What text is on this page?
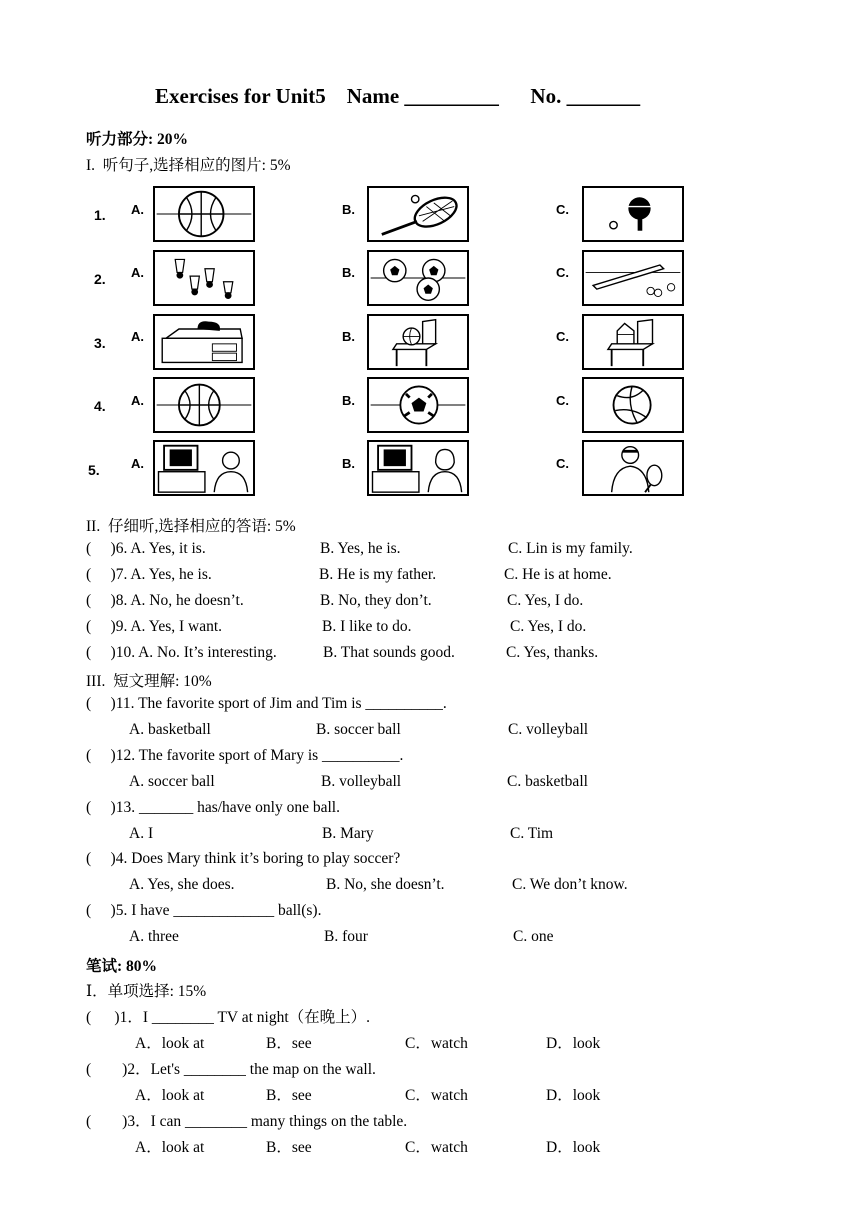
Exercises for Unit5    Name _________      No. _______
听力部分: 20%
I.  听句子,选择相应的图片: 5%
1. A.	B.	C.
2. A.	B.	C.
3. A.	B.	C.
4. A.	B.	C.
5. A.	B.	C.
II.  仔细听,选择相应的答语: 5%
(     )6. A. Yes, it is.	B. Yes, he is.	C. Lin is my family.
(     )7. A. Yes, he is.	B. He is my father.	C. He is at home.
(     )8. A. No, he doesn’t.	B. No, they don’t.	C. Yes, I do.
(     )9. A. Yes, I want.	B. I like to do.	C. Yes, I do.
(     )10. A. No. It’s interesting.	B. That sounds good.	C. Yes, thanks.
III.  短文理解: 10%
(     )11. The favorite sport of Jim and Tim is __________.
A. basketball	B. soccer ball	C. volleyball
(     )12. The favorite sport of Mary is __________.
A. soccer ball	B. volleyball	C. basketball
(     )13. _______ has/have only one ball.
A. I	B. Mary	C. Tim
(     )4. Does Mary think it’s boring to play soccer?
A. Yes, she does.	B. No, she doesn’t.	C. We don’t know.
(     )5. I have _____________ ball(s).
A. three	B. four	C. one
笔试: 80%
Ⅰ．单项选择: 15%
(      )1．I ________ TV at night（在晚上）.
A．look at	B．see	C．watch	D．look
(        )2．Let's ________ the map on the wall.
A．look at	B．see	C．watch	D．look
(        )3．I can ________ many things on the table.
A．look at	B．see	C．watch	D．look
